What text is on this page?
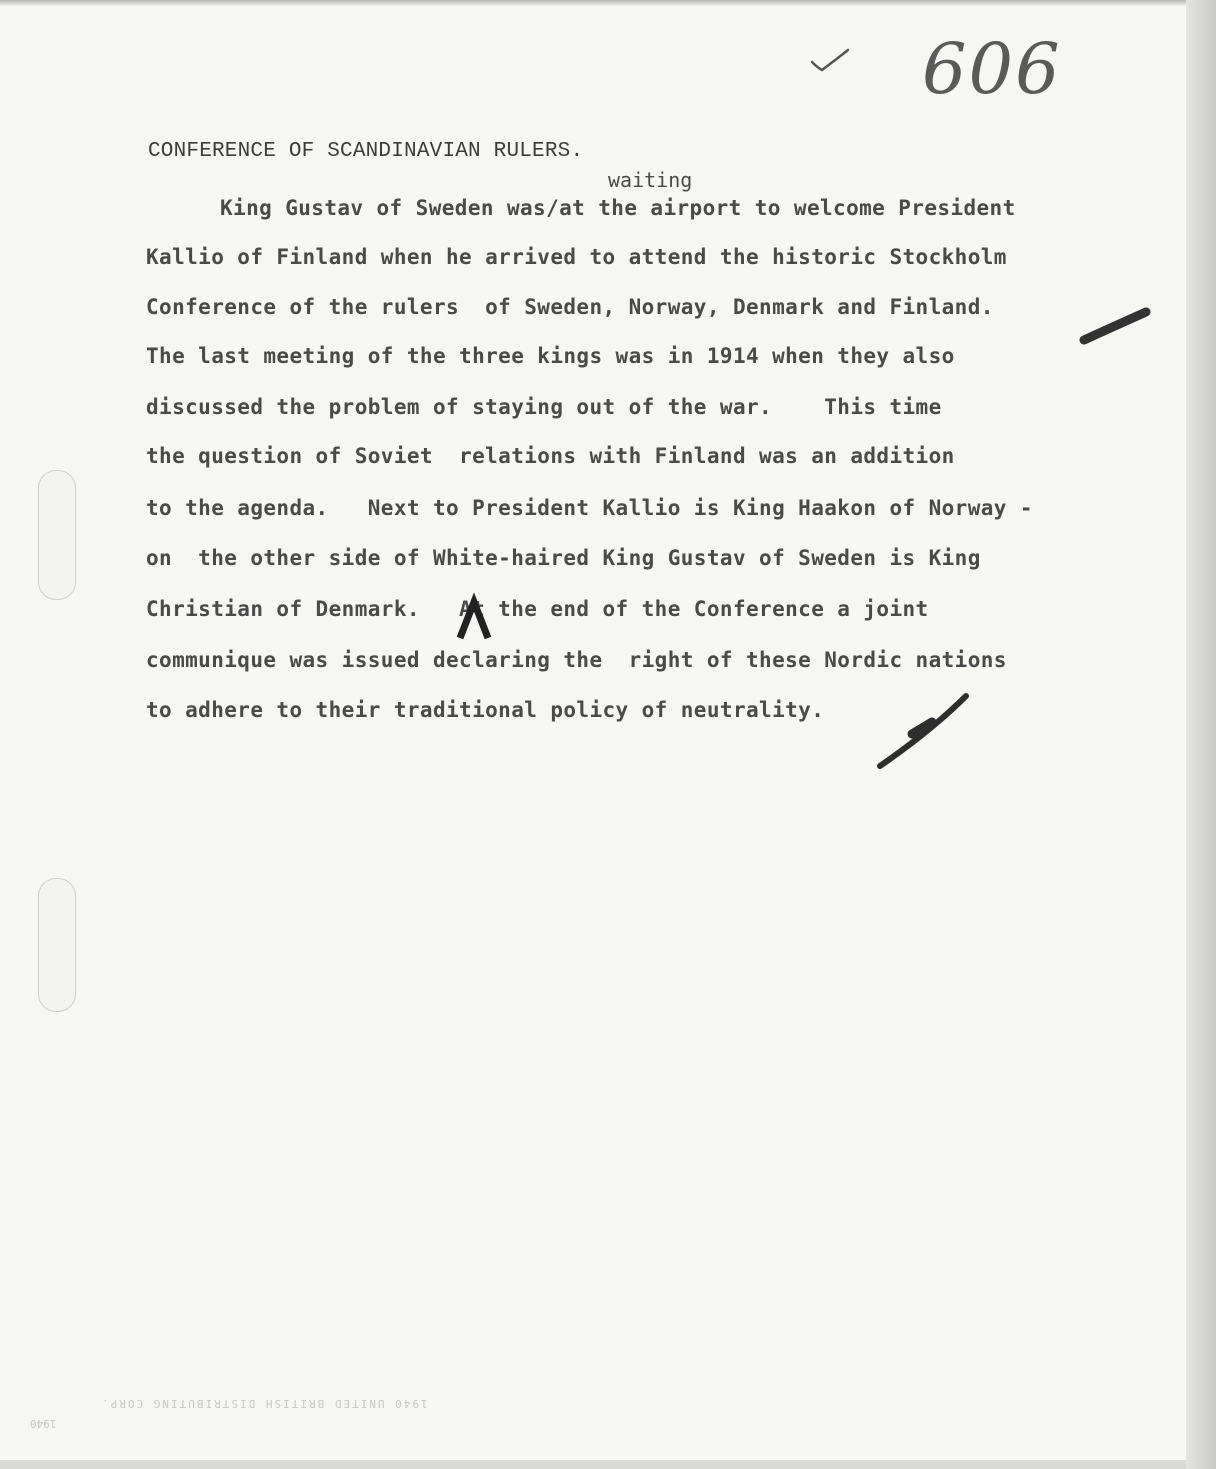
606
CONFERENCE OF SCANDINAVIAN RULERS.
waiting
King Gustav of Sweden was/at the airport to welcome President
Kallio of Finland when he arrived to attend the historic Stockholm
Conference of the rulers  of Sweden, Norway, Denmark and Finland.
The last meeting of the three kings was in 1914 when they also
discussed the problem of staying out of the war.    This time
the question of Soviet  relations with Finland was an addition
to the agenda.   Next to President Kallio is King Haakon of Norway -
on  the other side of White-haired King Gustav of Sweden is King
Christian of Denmark.   At the end of the Conference a joint
communique was issued declaring the  right of these Nordic nations
to adhere to their traditional policy of neutrality.
1940 UNITED BRITISH DISTRIBUTING CORP.
1940
